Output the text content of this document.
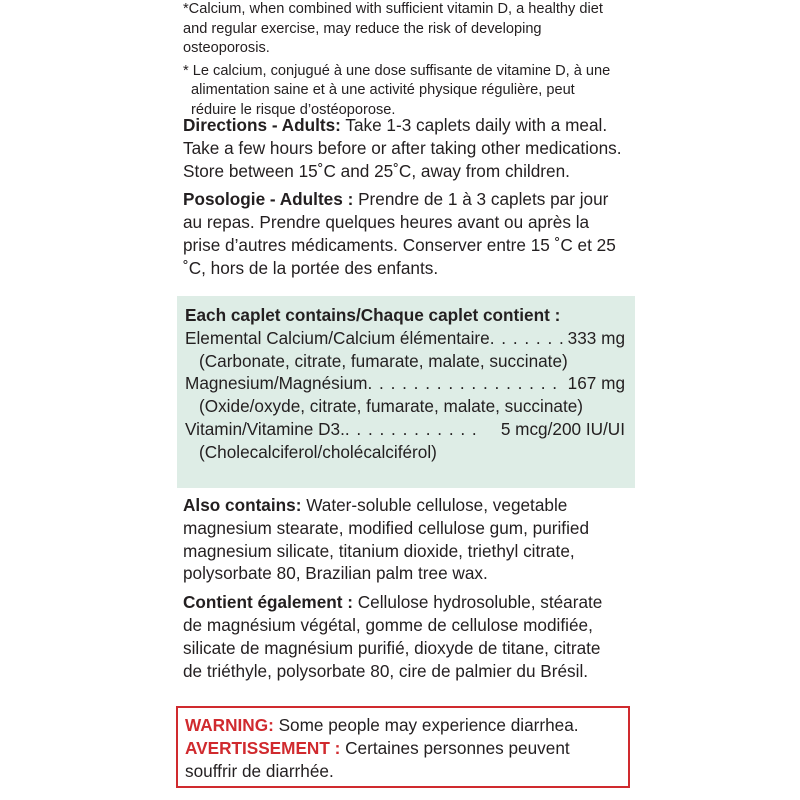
*Calcium, when combined with sufficient vitamin D, a healthy diet and regular exercise, may reduce the risk of developing osteoporosis.

* Le calcium, conjugué à une dose suffisante de vitamine D, à une alimentation saine et à une activité physique régulière, peut réduire le risque d’ostéoporose.

Directions - Adults: Take 1-3 caplets daily with a meal. Take a few hours before or after taking other medications. Store between 15˚C and 25˚C, away from children.

Posologie - Adultes : Prendre de 1 à 3 caplets par jour au repas. Prendre quelques heures avant ou après la prise d’autres médicaments. Conserver entre 15 ˚C et 25 ˚C, hors de la portée des enfants.

Each caplet contains/Chaque caplet contient :
Elemental Calcium/Calcium élémentaire . . .	333 mg
(Carbonate, citrate, fumarate, malate, succinate)
Magnesium/Magnésium . . .	167 mg
(Oxide/oxyde, citrate, fumarate, malate, succinate)
Vitamin/Vitamine D3. . . .	5 mcg/200 IU/UI
(Cholecalciferol/cholécalciférol)

Also contains: Water-soluble cellulose, vegetable magnesium stearate, modified cellulose gum, purified magnesium silicate, titanium dioxide, triethyl citrate, polysorbate 80, Brazilian palm tree wax.

Contient également : Cellulose hydrosoluble, stéarate de magnésium végétal, gomme de cellulose modifiée, silicate de magnésium purifié, dioxyde de titane, citrate de triéthyle, polysorbate 80, cire de palmier du Brésil.

WARNING: Some people may experience diarrhea.
AVERTISSEMENT : Certaines personnes peuvent souffrir de diarrhée.
